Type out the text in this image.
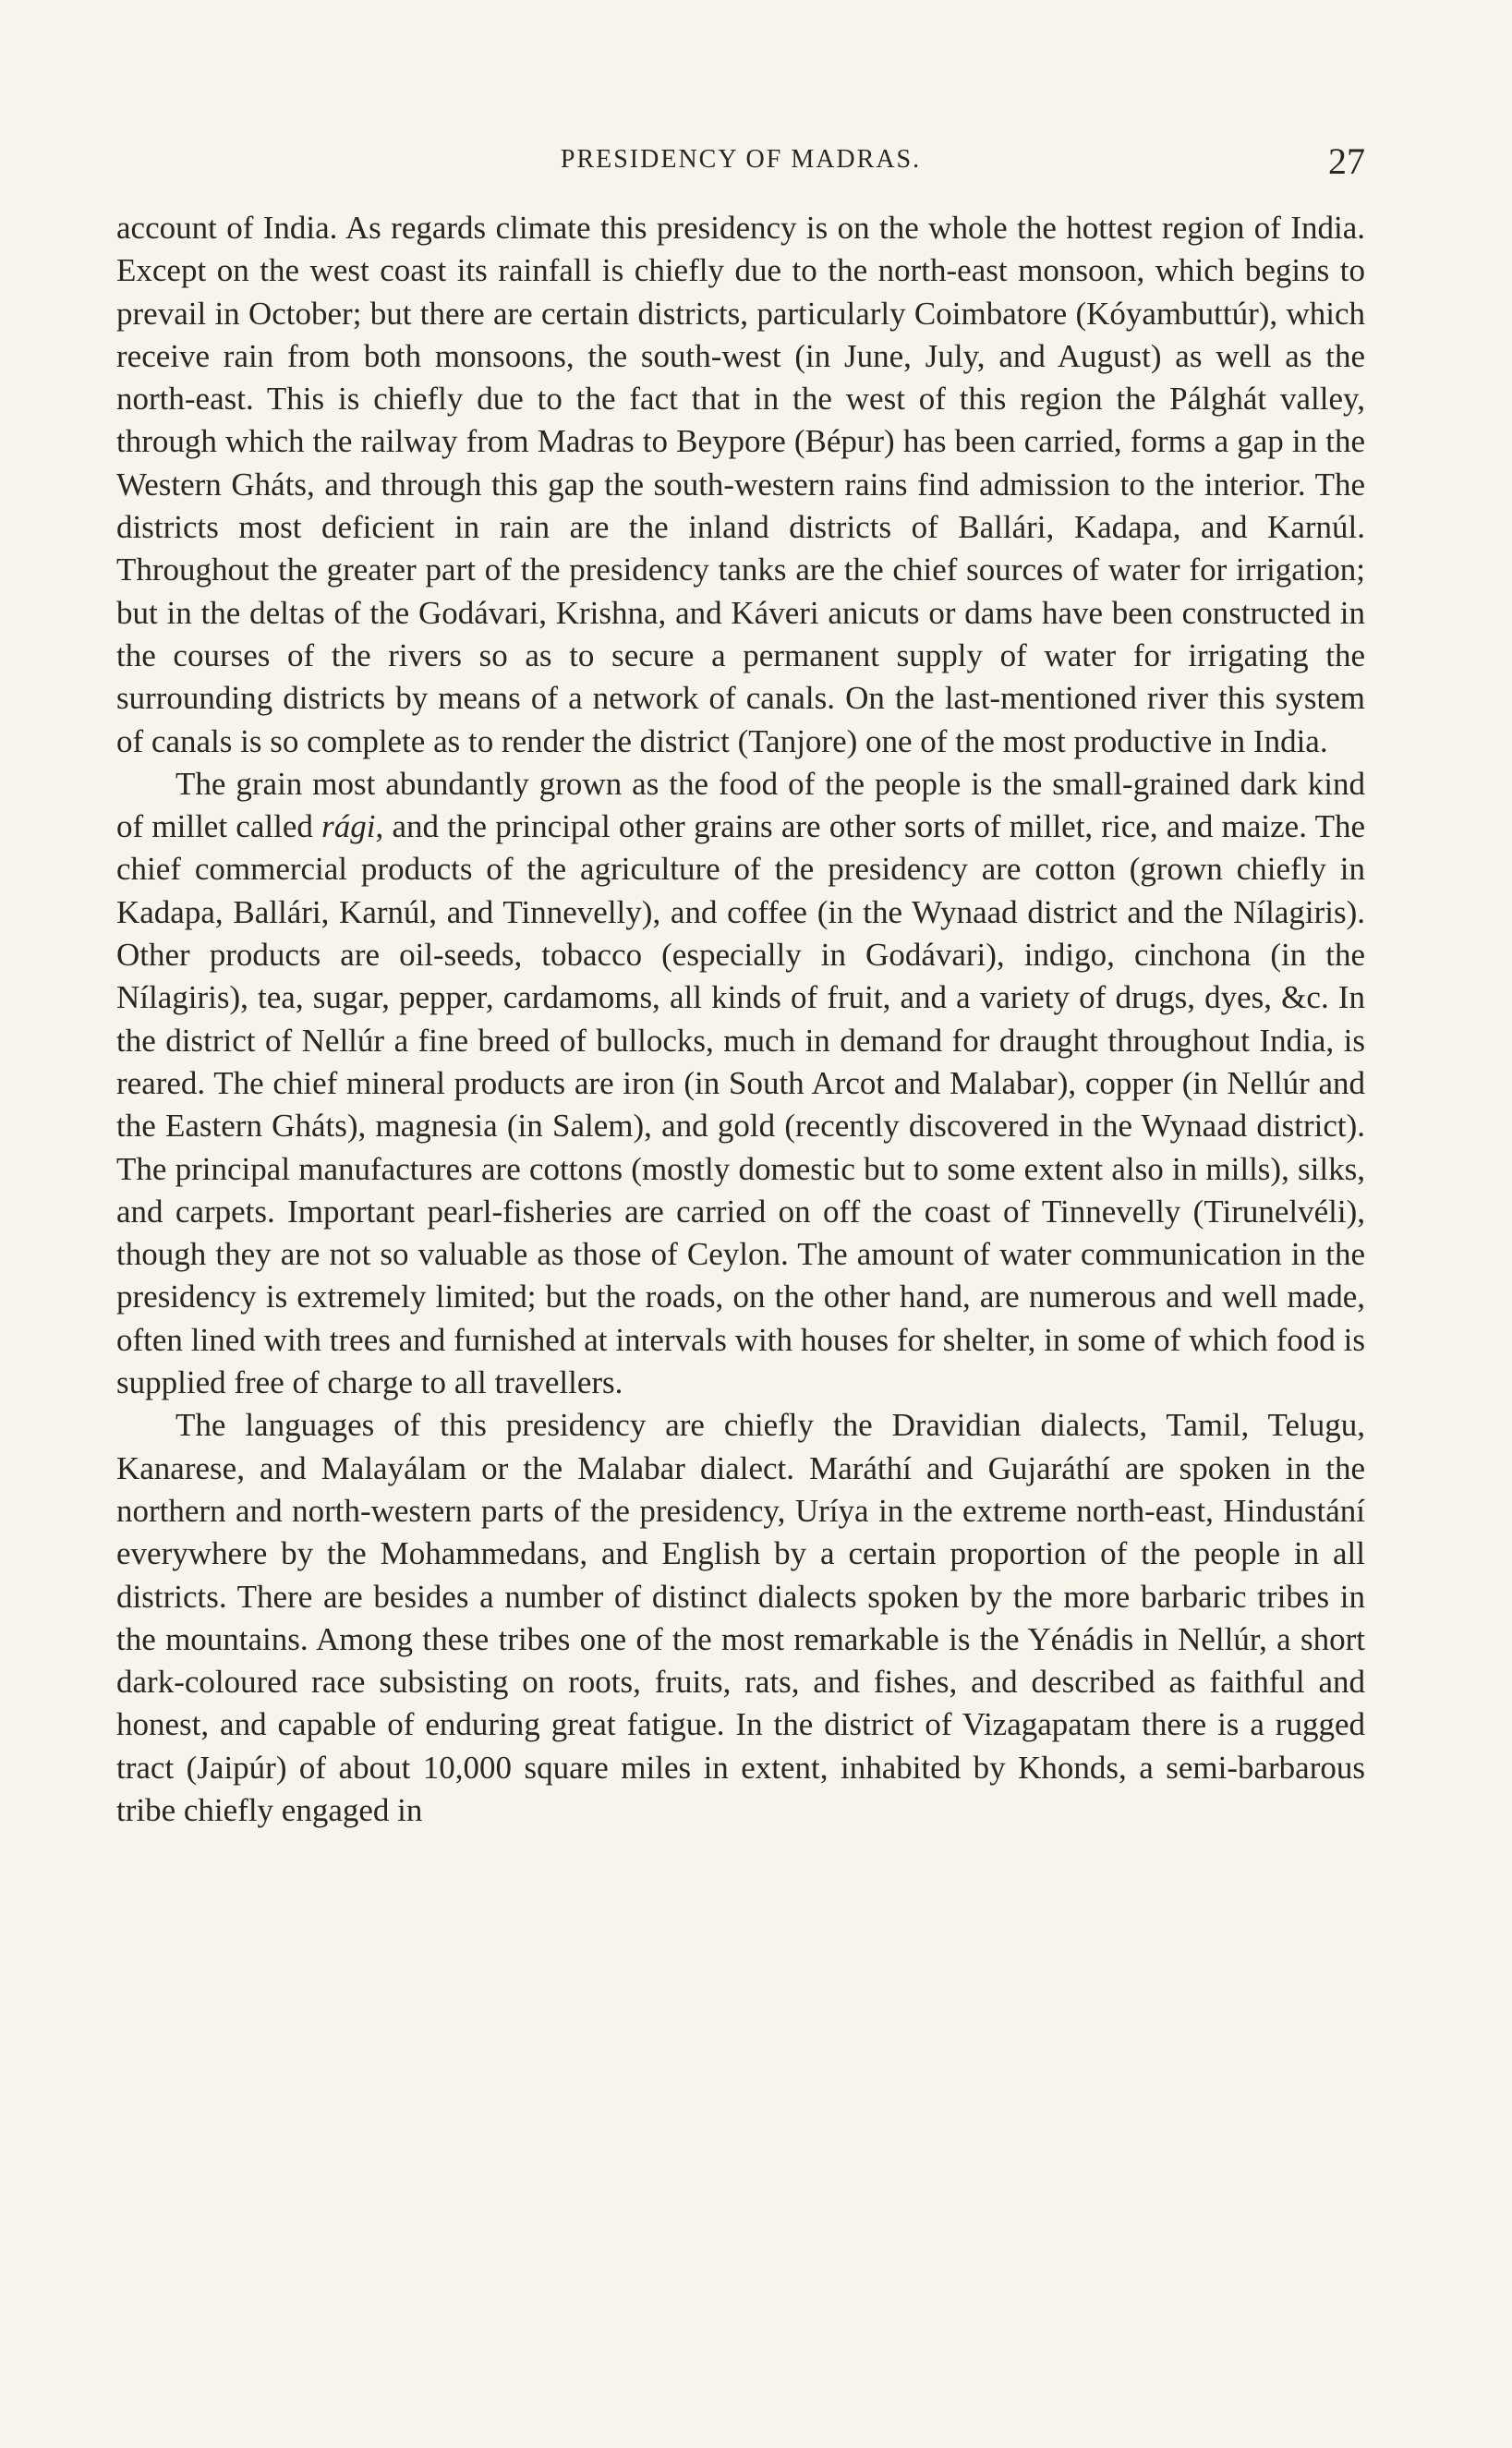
PRESIDENCY OF MADRAS.	27

account of India. As regards climate this presidency is on the whole the hottest region of India. Except on the west coast its rainfall is chiefly due to the north-east monsoon, which begins to prevail in October; but there are certain districts, particularly Coimbatore (Kóyambuttúr), which receive rain from both monsoons, the south-west (in June, July, and August) as well as the north-east. This is chiefly due to the fact that in the west of this region the Pálghát valley, through which the railway from Madras to Beypore (Bépur) has been carried, forms a gap in the Western Gháts, and through this gap the south-western rains find admission to the interior. The districts most deficient in rain are the inland districts of Ballári, Kadapa, and Karnúl. Throughout the greater part of the presidency tanks are the chief sources of water for irrigation; but in the deltas of the Godávari, Krishna, and Káveri anicuts or dams have been constructed in the courses of the rivers so as to secure a permanent supply of water for irrigating the surrounding districts by means of a network of canals. On the last-mentioned river this system of canals is so complete as to render the district (Tanjore) one of the most productive in India.

The grain most abundantly grown as the food of the people is the small-grained dark kind of millet called rági, and the principal other grains are other sorts of millet, rice, and maize. The chief commercial products of the agriculture of the presidency are cotton (grown chiefly in Kadapa, Ballári, Karnúl, and Tinnevelly), and coffee (in the Wynaad district and the Nílagiris). Other products are oil-seeds, tobacco (especially in Godávari), indigo, cinchona (in the Nílagiris), tea, sugar, pepper, cardamoms, all kinds of fruit, and a variety of drugs, dyes, &c. In the district of Nellúr a fine breed of bullocks, much in demand for draught throughout India, is reared. The chief mineral products are iron (in South Arcot and Malabar), copper (in Nellúr and the Eastern Gháts), magnesia (in Salem), and gold (recently discovered in the Wynaad district). The principal manufactures are cottons (mostly domestic but to some extent also in mills), silks, and carpets. Important pearl-fisheries are carried on off the coast of Tinnevelly (Tirunelvéli), though they are not so valuable as those of Ceylon. The amount of water communication in the presidency is extremely limited; but the roads, on the other hand, are numerous and well made, often lined with trees and furnished at intervals with houses for shelter, in some of which food is supplied free of charge to all travellers.

The languages of this presidency are chiefly the Dravidian dialects, Tamil, Telugu, Kanarese, and Malayálam or the Malabar dialect. Maráthí and Gujaráthí are spoken in the northern and north-western parts of the presidency, Uríya in the extreme north-east, Hindustání everywhere by the Mohammedans, and English by a certain proportion of the people in all districts. There are besides a number of distinct dialects spoken by the more barbaric tribes in the mountains. Among these tribes one of the most remarkable is the Yénádis in Nellúr, a short dark-coloured race subsisting on roots, fruits, rats, and fishes, and described as faithful and honest, and capable of enduring great fatigue. In the district of Vizagapatam there is a rugged tract (Jaipúr) of about 10,000 square miles in extent, inhabited by Khonds, a semi-barbarous tribe chiefly engaged in
